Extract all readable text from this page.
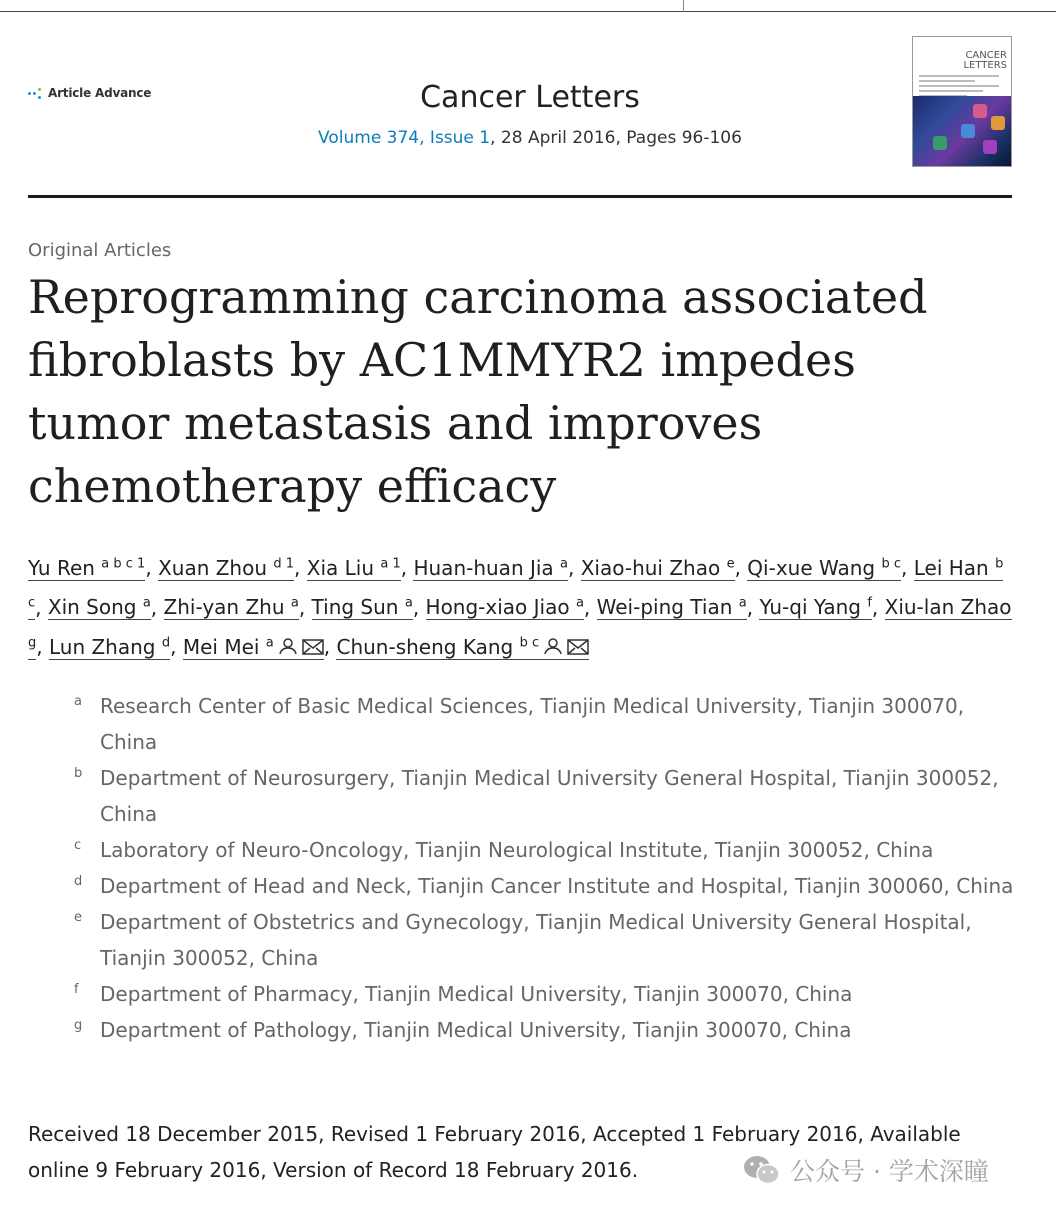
Article Advance	Cancer Letters
Volume 374, Issue 1, 28 April 2016, Pages 96-106
CANCER
LETTERS
Original Articles
Reprogramming carcinoma associated fibroblasts by AC1MMYR2 impedes tumor metastasis and improves chemotherapy efficacy
Yu Ren $^{a b c 1}$, Xuan Zhou $^{d 1}$, Xia Liu $^{a 1}$, Huan-huan Jia $^a$, Xiao-hui Zhao $^e$, Qi-xue Wang $^{b c}$, Lei Han $^{b c}$, Xin Song $^a$, Zhi-yan Zhu $^a$, Ting Sun $^a$, Hong-xiao Jiao $^a$, Wei-ping Tian $^a$, Yu-qi Yang $^f$, Xiu-lan Zhao $^g$, Lun Zhang $^d$, Mei Mei $^a$	, Chun-sheng Kang $^{b c}$
a Research Center of Basic Medical Sciences, Tianjin Medical University, Tianjin 300070, China
b Department of Neurosurgery, Tianjin Medical University General Hospital, Tianjin 300052, China
c Laboratory of Neuro-Oncology, Tianjin Neurological Institute, Tianjin 300052, China
d Department of Head and Neck, Tianjin Cancer Institute and Hospital, Tianjin 300060, China
e Department of Obstetrics and Gynecology, Tianjin Medical University General Hospital, Tianjin 300052, China
f Department of Pharmacy, Tianjin Medical University, Tianjin 300070, China
g Department of Pathology, Tianjin Medical University, Tianjin 300070, China
Received 18 December 2015, Revised 1 February 2016, Accepted 1 February 2016, Available online 9 February 2016, Version of Record 18 February 2016.	公众号 · 学术深瞳
